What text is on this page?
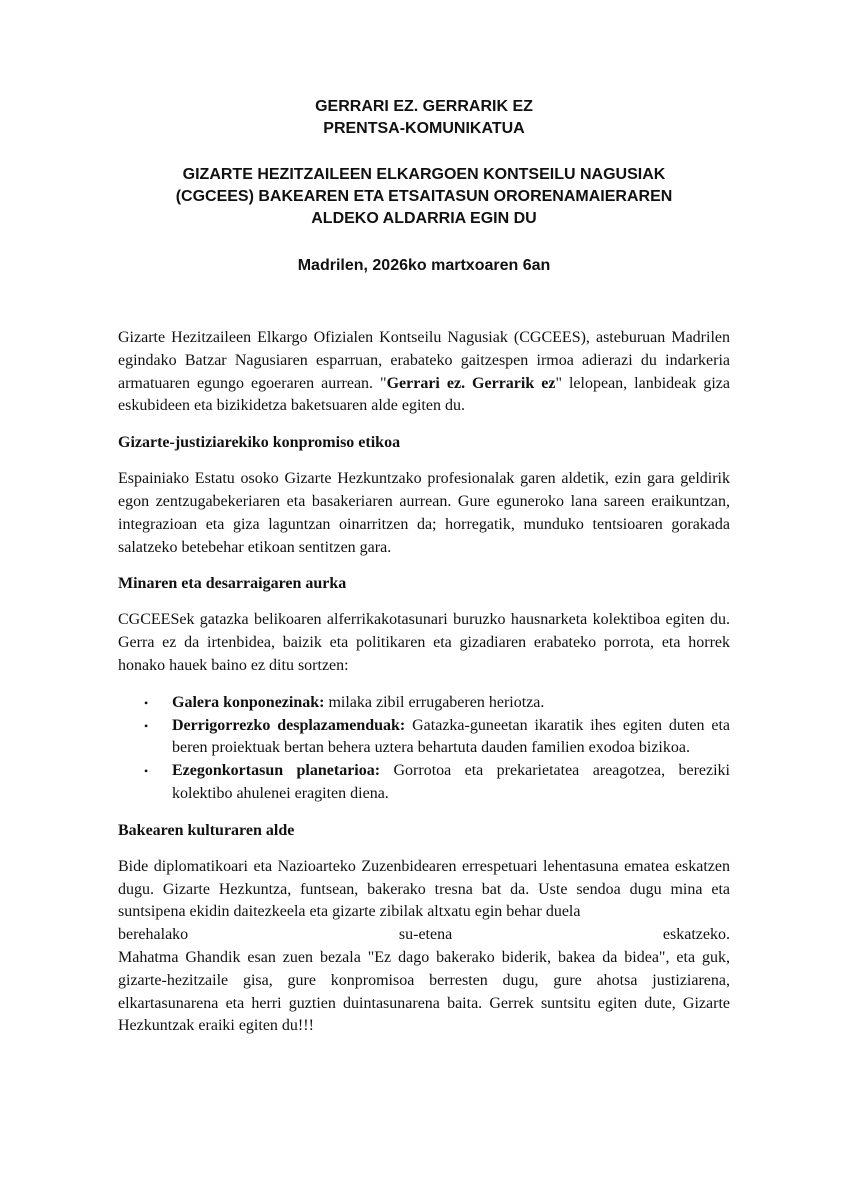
GERRARI EZ. GERRARIK EZ
PRENTSA-KOMUNIKATUA
GIZARTE HEZITZAILEEN ELKARGOEN KONTSEILU NAGUSIAK
(CGCEES) BAKEAREN ETA ETSAITASUN ORORENAMAIERAREN
ALDEKO ALDARRIA EGIN DU
Madrilen, 2026ko martxoaren 6an

Gizarte Hezitzaileen Elkargo Ofizialen Kontseilu Nagusiak (CGCEES), asteburuan Madrilen egindako Batzar Nagusiaren esparruan, erabateko gaitzespen irmoa adierazi du indarkeria armatuaren egungo egoeraren aurrean. "Gerrari ez. Gerrarik ez" lelopean, lanbideak giza eskubideen eta bizikidetza baketsuaren alde egiten du.

Gizarte-justiziarekiko konpromiso etikoa

Espainiako Estatu osoko Gizarte Hezkuntzako profesionalak garen aldetik, ezin gara geldirik egon zentzugabekeriaren eta basakeriaren aurrean. Gure eguneroko lana sareen eraikuntzan, integrazioan eta giza laguntzan oinarritzen da; horregatik, munduko tentsioaren gorakada salatzeko betebehar etikoan sentitzen gara.

Minaren eta desarraigaren aurka

CGCEESek gatazka belikoaren alferrikakotasunari buruzko hausnarketa kolektiboa egiten du. Gerra ez da irtenbidea, baizik eta politikaren eta gizadiaren erabateko porrota, eta horrek honako hauek baino ez ditu sortzen:

• Galera konponezinak: milaka zibil errugaberen heriotza.
• Derrigorrezko desplazamenduak: Gatazka-guneetan ikaratik ihes egiten duten eta beren proiektuak bertan behera uztera behartuta dauden familien exodoa bizikoa.
• Ezegonkortasun planetarioa: Gorrotoa eta prekarietatea areagotzea, bereziki kolektibo ahulenei eragiten diena.

Bakearen kulturaren alde

Bide diplomatikoari eta Nazioarteko Zuzenbidearen errespetuari lehentasuna ematea eskatzen dugu. Gizarte Hezkuntza, funtsean, bakerako tresna bat da. Uste sendoa dugu mina eta suntsipena ekidin daitezkeela eta gizarte zibilak altxatu egin behar duela
berehalako su-etena eskatzeko.
Mahatma Ghandik esan zuen bezala "Ez dago bakerako biderik, bakea da bidea", eta guk, gizarte-hezitzaile gisa, gure konpromisoa berresten dugu, gure ahotsa justiziarena, elkartasunarena eta herri guztien duintasunarena baita. Gerrek suntsitu egiten dute, Gizarte Hezkuntzak eraiki egiten du!!!
